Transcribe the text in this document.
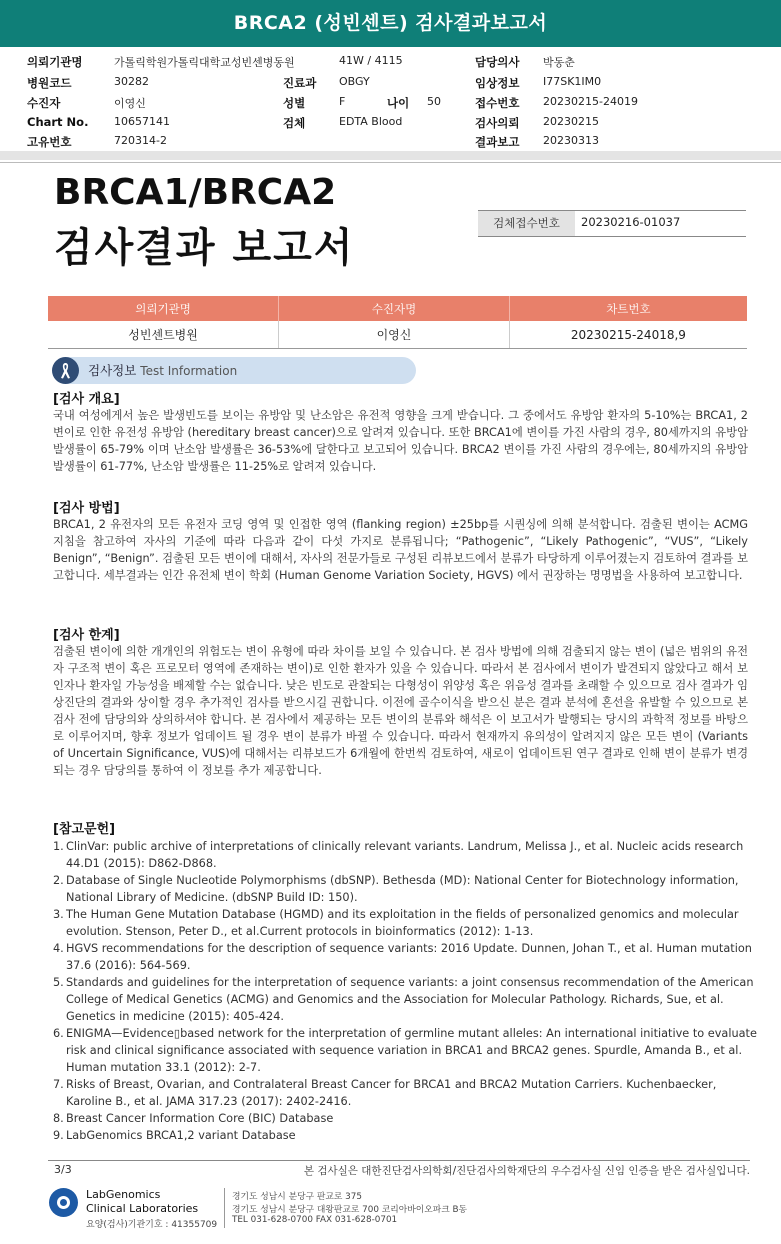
BRCA2 (성빈센트) 검사결과보고서
의뢰기관명	가톨릭학원가톨릭대학교성빈센병동원	41W / 4115	담당의사 박동춘
병원코드	30282	진료과 OBGY	임상정보 I77SK1IM0
수진자	이영신	성별	F	나이 50	접수번호 20230215-24019
Chart No. 10657141	검체	EDTA Blood	검사의뢰 20230215
고유번호	720314-2	결과보고 20230313
BRCA1/BRCA2
검사결과 보고서
검체접수번호	20230216-01037
의뢰기관명	수진자명	차트번호
성빈센트병원	이영신	20230215-24018,9
검사정보 Test Information
[검사 개요]
국내 여성에게서 높은 발생빈도를 보이는 유방암 및 난소암은 유전적 영향을 크게 받습니다. 그 중에서도 유방암 환자의 5-10%는 BRCA1, 2 변이로 인한 유전성 유방암 (hereditary breast cancer)으로 알려져 있습니다. 또한 BRCA1에 변이를 가진 사람의 경우, 80세까지의 유방암 발생률이 65-79% 이며 난소암 발생률은 36-53%에 달한다고 보고되어 있습니다. BRCA2 변이를 가진 사람의 경우에는, 80세까지의 유방암 발생률이 61-77%, 난소암 발생률은 11-25%로 알려져 있습니다.
[검사 방법]
BRCA1, 2 유전자의 모든 유전자 코딩 영역 및 인접한 영역 (flanking region) ±25bp를 시퀀싱에 의해 분석합니다. 검출된 변이는 ACMG 지침을 참고하여 자사의 기준에 따라 다음과 같이 다섯 가지로 분류됩니다; “Pathogenic”, “Likely Pathogenic”, “VUS”, “Likely Benign”, “Benign”. 검출된 모든 변이에 대해서, 자사의 전문가들로 구성된 리뷰보드에서 분류가 타당하게 이루어졌는지 검토하여 결과를 보고합니다. 세부결과는 인간 유전체 변이 학회 (Human Genome Variation Society, HGVS) 에서 권장하는 명명법을 사용하여 보고합니다.
[검사 한계]
검출된 변이에 의한 개개인의 위험도는 변이 유형에 따라 차이를 보일 수 있습니다. 본 검사 방법에 의해 검출되지 않는 변이 (넓은 범위의 유전자 구조적 변이 혹은 프로모터 영역에 존재하는 변이)로 인한 환자가 있을 수 있습니다. 따라서 본 검사에서 변이가 발견되지 않았다고 해서 보인자나 환자일 가능성을 배제할 수는 없습니다. 낮은 빈도로 관찰되는 다형성이 위양성 혹은 위음성 결과를 초래할 수 있으므로 검사 결과가 임상진단의 결과와 상이할 경우 추가적인 검사를 받으시길 권합니다. 이전에 골수이식을 받으신 분은 결과 분석에 혼선을 유발할 수 있으므로 본 검사 전에 담당의와 상의하셔야 합니다. 본 검사에서 제공하는 모든 변이의 분류와 해석은 이 보고서가 발행되는 당시의 과학적 정보를 바탕으로 이루어지며, 향후 정보가 업데이트 될 경우 변이 분류가 바뀔 수 있습니다. 따라서 현재까지 유의성이 알려지지 않은 모든 변이 (Variants of Uncertain Significance, VUS)에 대해서는 리뷰보드가 6개월에 한번씩 검토하여, 새로이 업데이트된 연구 결과로 인해 변이 분류가 변경되는 경우 담당의를 통하여 이 정보를 추가 제공합니다.
[참고문헌]
1. ClinVar: public archive of interpretations of clinically relevant variants. Landrum, Melissa J., et al. Nucleic acids research 44.D1 (2015): D862-D868.
2. Database of Single Nucleotide Polymorphisms (dbSNP). Bethesda (MD): National Center for Biotechnology information, National Library of Medicine. (dbSNP Build ID: 150).
3. The Human Gene Mutation Database (HGMD) and its exploitation in the fields of personalized genomics and molecular evolution. Stenson, Peter D., et al.Current protocols in bioinformatics (2012): 1-13.
4. HGVS recommendations for the description of sequence variants: 2016 Update. Dunnen, Johan T., et al. Human mutation 37.6 (2016): 564-569.
5. Standards and guidelines for the interpretation of sequence variants: a joint consensus recommendation of the American College of Medical Genetics (ACMG) and Genomics and the Association for Molecular Pathology. Richards, Sue, et al. Genetics in medicine (2015): 405-424.
6. ENIGMA—Evidence▯based network for the interpretation of germline mutant alleles: An international initiative to evaluate risk and clinical significance associated with sequence variation in BRCA1 and BRCA2 genes. Spurdle, Amanda B., et al. Human mutation 33.1 (2012): 2-7.
7. Risks of Breast, Ovarian, and Contralateral Breast Cancer for BRCA1 and BRCA2 Mutation Carriers. Kuchenbaecker, Karoline B., et al. JAMA 317.23 (2017): 2402-2416.
8. Breast Cancer Information Core (BIC) Database
9. LabGenomics BRCA1,2 variant Database
3/3	본 검사실은 대한진단검사의학회/진단검사의학재단의 우수검사실 신임 인증을 받은 검사실입니다.
LabGenomics
Clinical Laboratories
요양(검사)기관기호 : 41355709
경기도 성남시 분당구 판교로 375
경기도 성남시 분당구 대왕판교로 700 코리아바이오파크 B동
TEL 031-628-0700 FAX 031-628-0701
